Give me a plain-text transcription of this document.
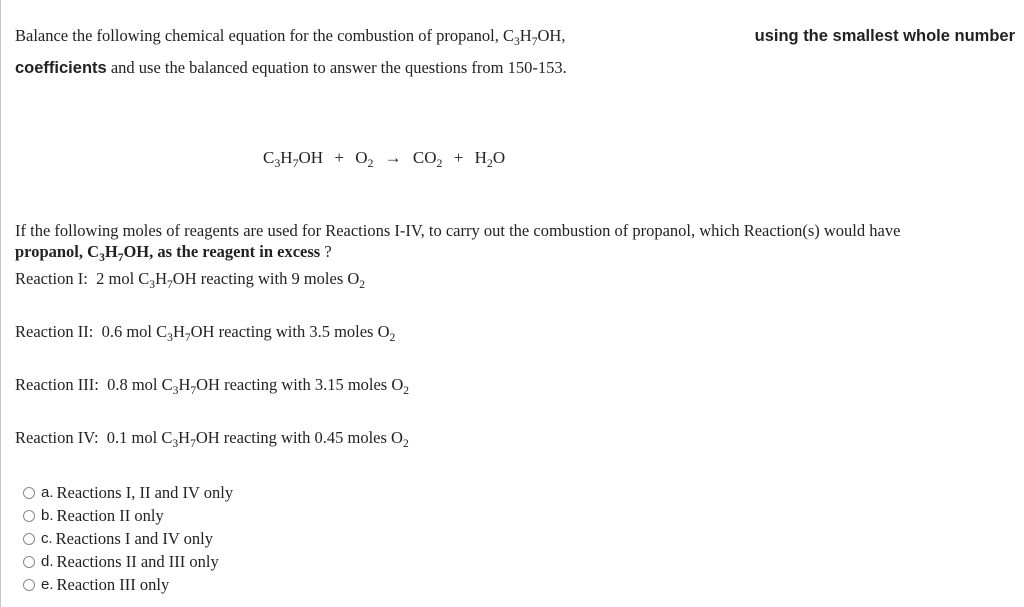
Balance the following chemical equation for the combustion of propanol, $C_3H_7OH$,	using the smallest whole number
coefficients and use the balanced equation to answer the questions from 150-153.
$C_3H_7OH + O_2 \to CO_2 + H_2O$
If the following moles of reagents are used for Reactions I-IV, to carry out the combustion of propanol, which Reaction(s) would have
propanol, $C_3H_7OH$, as the reagent in excess ?
Reaction I: 2 mol $C_3H_7OH$ reacting with 9 moles $O_2$
Reaction II: 0.6 mol $C_3H_7OH$ reacting with 3.5 moles $O_2$
Reaction III: 0.8 mol $C_3H_7OH$ reacting with 3.15 moles $O_2$
Reaction IV: 0.1 mol $C_3H_7OH$ reacting with 0.45 moles $O_2$
a. Reactions I, II and IV only
b. Reaction II only
c. Reactions I and IV only
d. Reactions II and III only
e. Reaction III only
